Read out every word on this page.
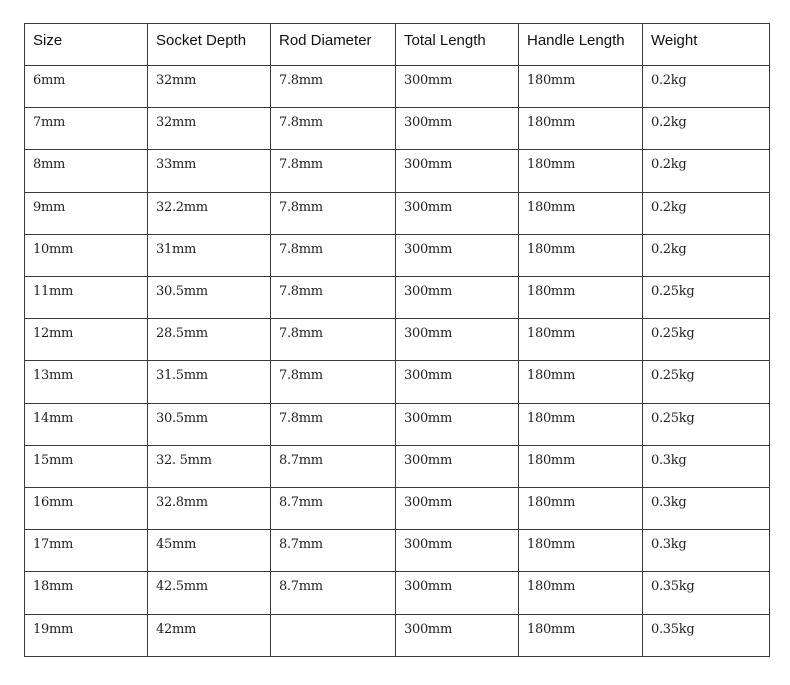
Size	Socket Depth	Rod Diameter	Total Length	Handle Length	Weight
6mm	32mm	7.8mm	300mm	180mm	0.2kg
7mm	32mm	7.8mm	300mm	180mm	0.2kg
8mm	33mm	7.8mm	300mm	180mm	0.2kg
9mm	32.2mm	7.8mm	300mm	180mm	0.2kg
10mm	31mm	7.8mm	300mm	180mm	0.2kg
11mm	30.5mm	7.8mm	300mm	180mm	0.25kg
12mm	28.5mm	7.8mm	300mm	180mm	0.25kg
13mm	31.5mm	7.8mm	300mm	180mm	0.25kg
14mm	30.5mm	7.8mm	300mm	180mm	0.25kg
15mm	32. 5mm	8.7mm	300mm	180mm	0.3kg
16mm	32.8mm	8.7mm	300mm	180mm	0.3kg
17mm	45mm	8.7mm	300mm	180mm	0.3kg
18mm	42.5mm	8.7mm	300mm	180mm	0.35kg
19mm	42mm		300mm	180mm	0.35kg
